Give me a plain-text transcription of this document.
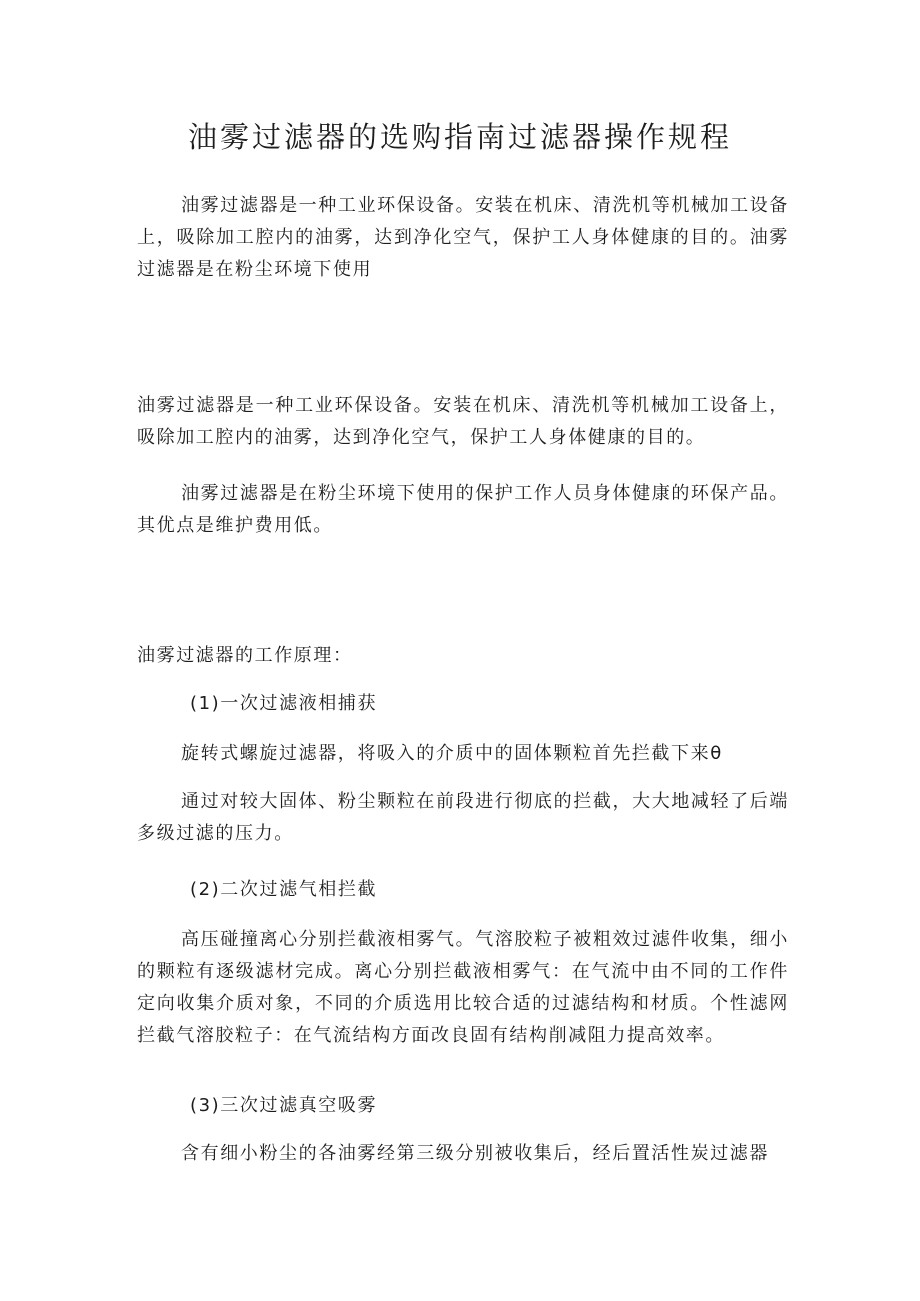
油雾过滤器的选购指南过滤器操作规程

油雾过滤器是一种工业环保设备。安装在机床、清洗机等机械加工设备上，吸除加工腔内的油雾，达到净化空气，保护工人身体健康的目的。油雾过滤器是在粉尘环境下使用

油雾过滤器是一种工业环保设备。安装在机床、清洗机等机械加工设备上，吸除加工腔内的油雾，达到净化空气，保护工人身体健康的目的。

油雾过滤器是在粉尘环境下使用的保护工作人员身体健康的环保产品。其优点是维护费用低。

油雾过滤器的工作原理：

(1)一次过滤液相捕获

旋转式螺旋过滤器，将吸入的介质中的固体颗粒首先拦截下来θ

通过对较大固体、粉尘颗粒在前段进行彻底的拦截，大大地减轻了后端多级过滤的压力。

(2)二次过滤气相拦截

高压碰撞离心分别拦截液相雾气。气溶胶粒子被粗效过滤件收集，细小的颗粒有逐级滤材完成。离心分别拦截液相雾气：在气流中由不同的工作件定向收集介质对象，不同的介质选用比较合适的过滤结构和材质。个性滤网拦截气溶胶粒子：在气流结构方面改良固有结构削减阻力提高效率。

(3)三次过滤真空吸雾

含有细小粉尘的各油雾经第三级分别被收集后，经后置活性炭过滤器
